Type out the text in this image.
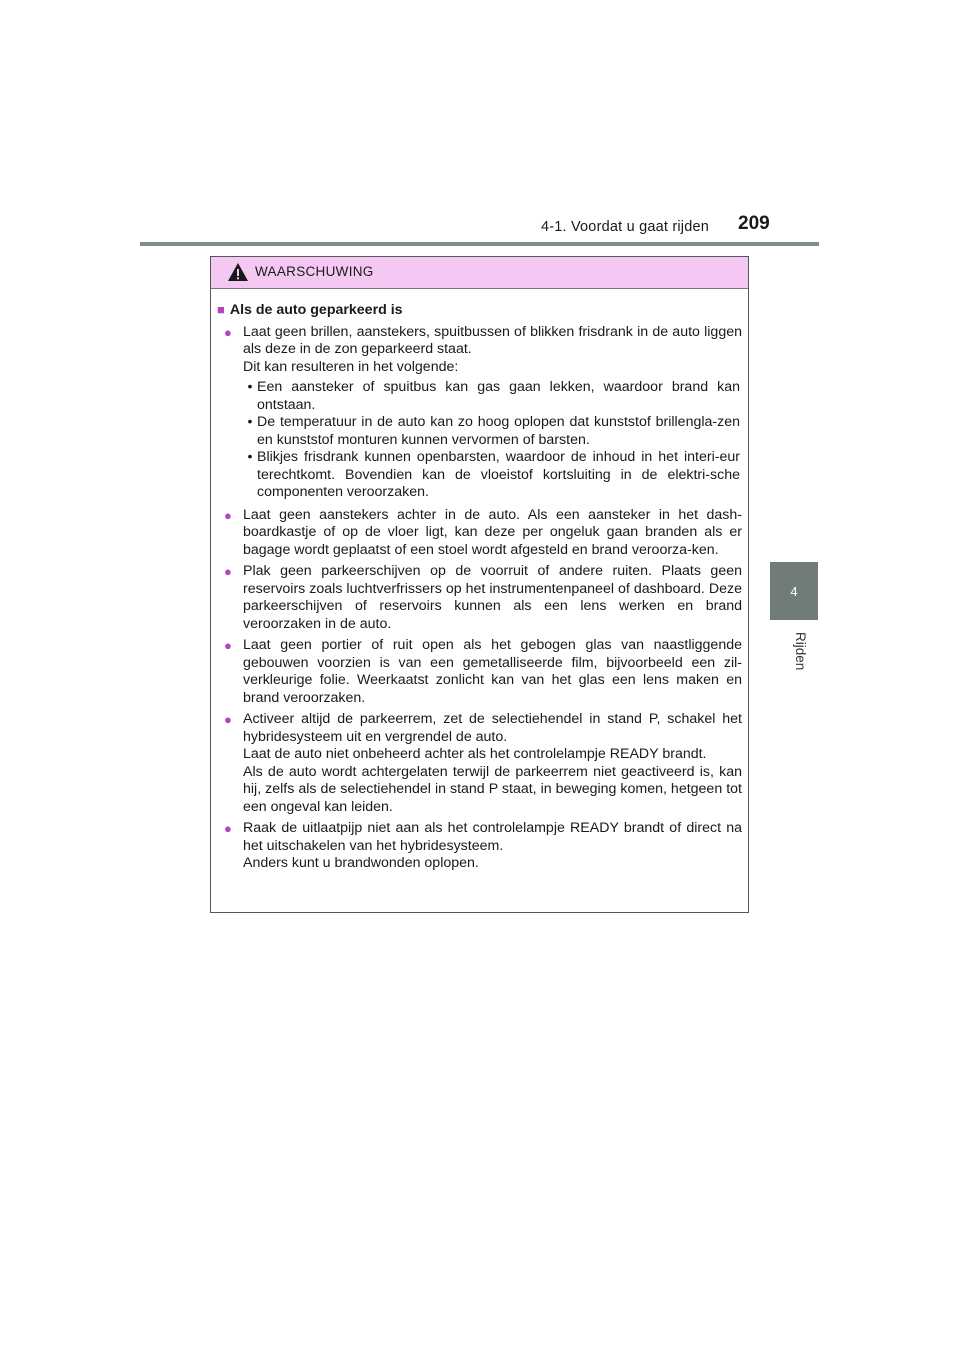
4-1. Voordat u gaat rijden 209
4
Rijden
WAARSCHUWING
■ Als de auto geparkeerd is
● Laat geen brillen, aanstekers, spuitbussen of blikken frisdrank in de auto liggen als deze in de zon geparkeerd staat.

Dit kan resulteren in het volgende:

• Een aansteker of spuitbus kan gas gaan lekken, waardoor brand kan ontstaan.
• De temperatuur in de auto kan zo hoog oplopen dat kunststof brillengla-zen en kunststof monturen kunnen vervormen of barsten.
• Blikjes frisdrank kunnen openbarsten, waardoor de inhoud in het interi-eur terechtkomt. Bovendien kan de vloeistof kortsluiting in de elektri-sche componenten veroorzaken.
● Laat geen aanstekers achter in de auto. Als een aansteker in het dash-boardkastje of op de vloer ligt, kan deze per ongeluk gaan branden als er bagage wordt geplaatst of een stoel wordt afgesteld en brand veroorza-ken.

● Plak geen parkeerschijven op de voorruit of andere ruiten. Plaats geen reservoirs zoals luchtverfrissers op het instrumentenpaneel of dashboard. Deze parkeerschijven of reservoirs kunnen als een lens werken en brand veroorzaken in de auto.

● Laat geen portier of ruit open als het gebogen glas van naastliggende gebouwen voorzien is van een gemetalliseerde film, bijvoorbeeld een zil-verkleurige folie. Weerkaatst zonlicht kan van het glas een lens maken en brand veroorzaken.

● Activeer altijd de parkeerrem, zet de selectiehendel in stand P, schakel het hybridesysteem uit en vergrendel de auto.

Laat de auto niet onbeheerd achter als het controlelampje READY brandt.

Als de auto wordt achtergelaten terwijl de parkeerrem niet geactiveerd is, kan hij, zelfs als de selectiehendel in stand P staat, in beweging komen, hetgeen tot een ongeval kan leiden.

● Raak de uitlaatpijp niet aan als het controlelampje READY brandt of direct na het uitschakelen van het hybridesysteem.

Anders kunt u brandwonden oplopen.
